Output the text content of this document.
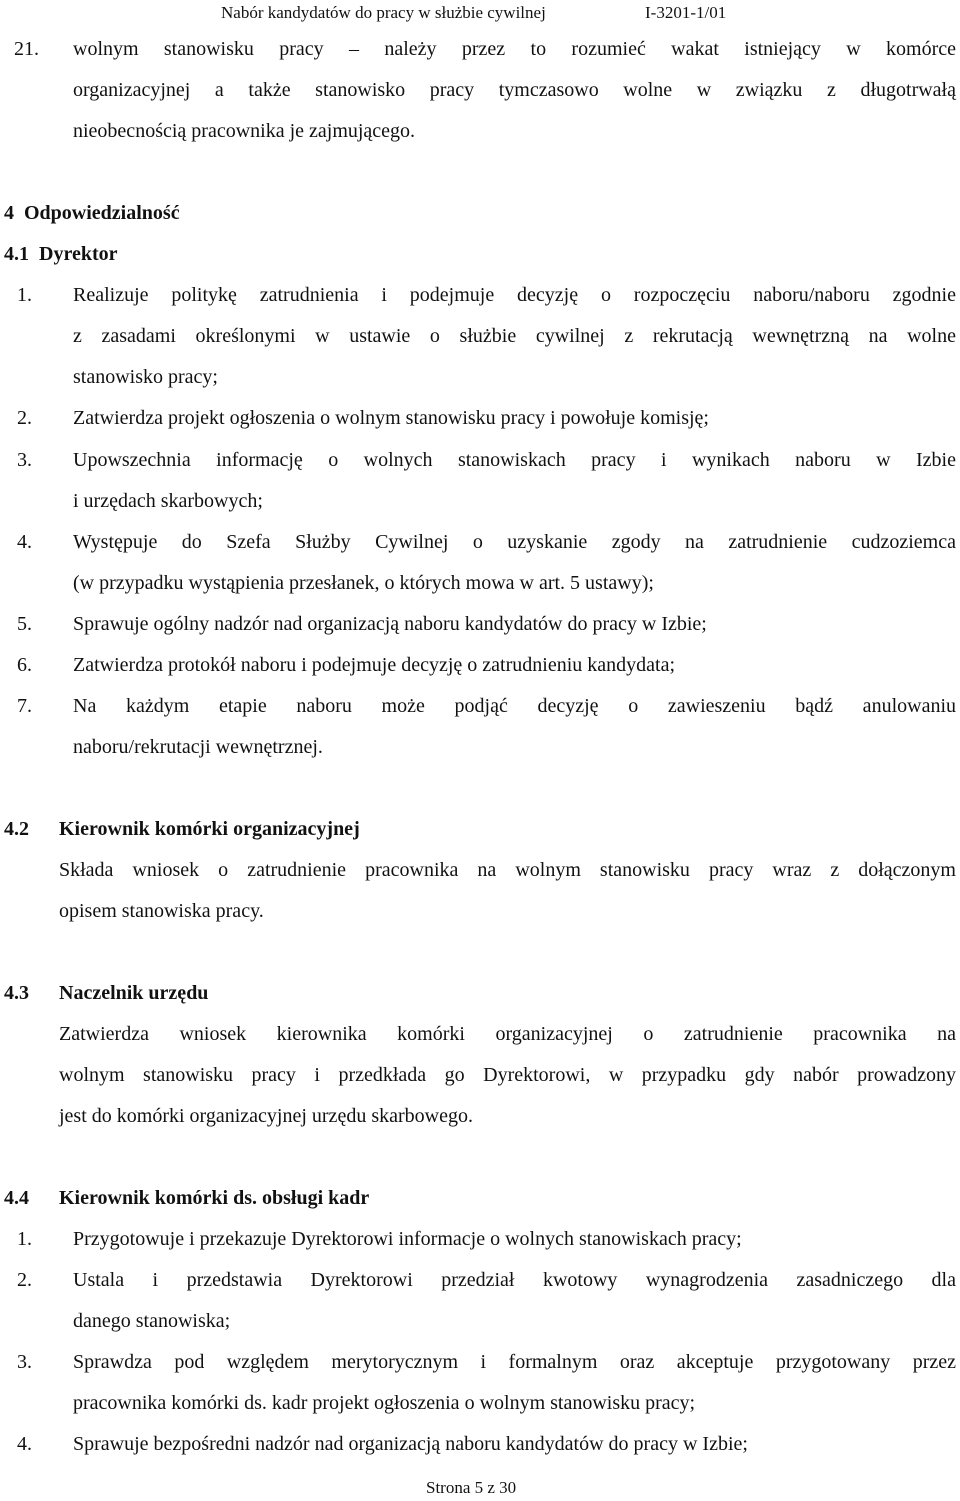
Nabór kandydatów do pracy w służbie cywilnej	I-3201-1/01
21. wolnym stanowisku pracy – należy przez to rozumieć wakat istniejący w komórce
organizacyjnej a także stanowisko pracy tymczasowo wolne w związku z długotrwałą
nieobecnością pracownika je zajmującego.
4  Odpowiedzialność
4.1  Dyrektor
1. Realizuje politykę zatrudnienia i podejmuje decyzję o rozpoczęciu naboru/naboru zgodnie
z zasadami określonymi w ustawie o służbie cywilnej z rekrutacją wewnętrzną na wolne
stanowisko pracy;
2. Zatwierdza projekt ogłoszenia o wolnym stanowisku pracy i powołuje komisję;
3. Upowszechnia informację o wolnych stanowiskach pracy i wynikach naboru w Izbie
i urzędach skarbowych;
4. Występuje do Szefa Służby Cywilnej o uzyskanie zgody na zatrudnienie cudzoziemca
(w przypadku wystąpienia przesłanek, o których mowa w art. 5 ustawy);
5. Sprawuje ogólny nadzór nad organizacją naboru kandydatów do pracy w Izbie;
6. Zatwierdza protokół naboru i podejmuje decyzję o zatrudnieniu kandydata;
7. Na każdym etapie naboru może podjąć decyzję o zawieszeniu bądź anulowaniu
naboru/rekrutacji wewnętrznej.
4.2 Kierownik komórki organizacyjnej
Składa wniosek o zatrudnienie pracownika na wolnym stanowisku pracy wraz z dołączonym
opisem stanowiska pracy.
4.3 Naczelnik urzędu
Zatwierdza wniosek kierownika komórki organizacyjnej o zatrudnienie pracownika na
wolnym stanowisku pracy i przedkłada go Dyrektorowi, w przypadku gdy nabór prowadzony
jest do komórki organizacyjnej urzędu skarbowego.
4.4 Kierownik komórki ds. obsługi kadr
1. Przygotowuje i przekazuje Dyrektorowi informacje o wolnych stanowiskach pracy;
2. Ustala i przedstawia Dyrektorowi przedział kwotowy wynagrodzenia zasadniczego dla
danego stanowiska;
3. Sprawdza pod względem merytorycznym i formalnym oraz akceptuje przygotowany przez
pracownika komórki ds. kadr projekt ogłoszenia o wolnym stanowisku pracy;
4. Sprawuje bezpośredni nadzór nad organizacją naboru kandydatów do pracy w Izbie;
Strona 5 z 30
